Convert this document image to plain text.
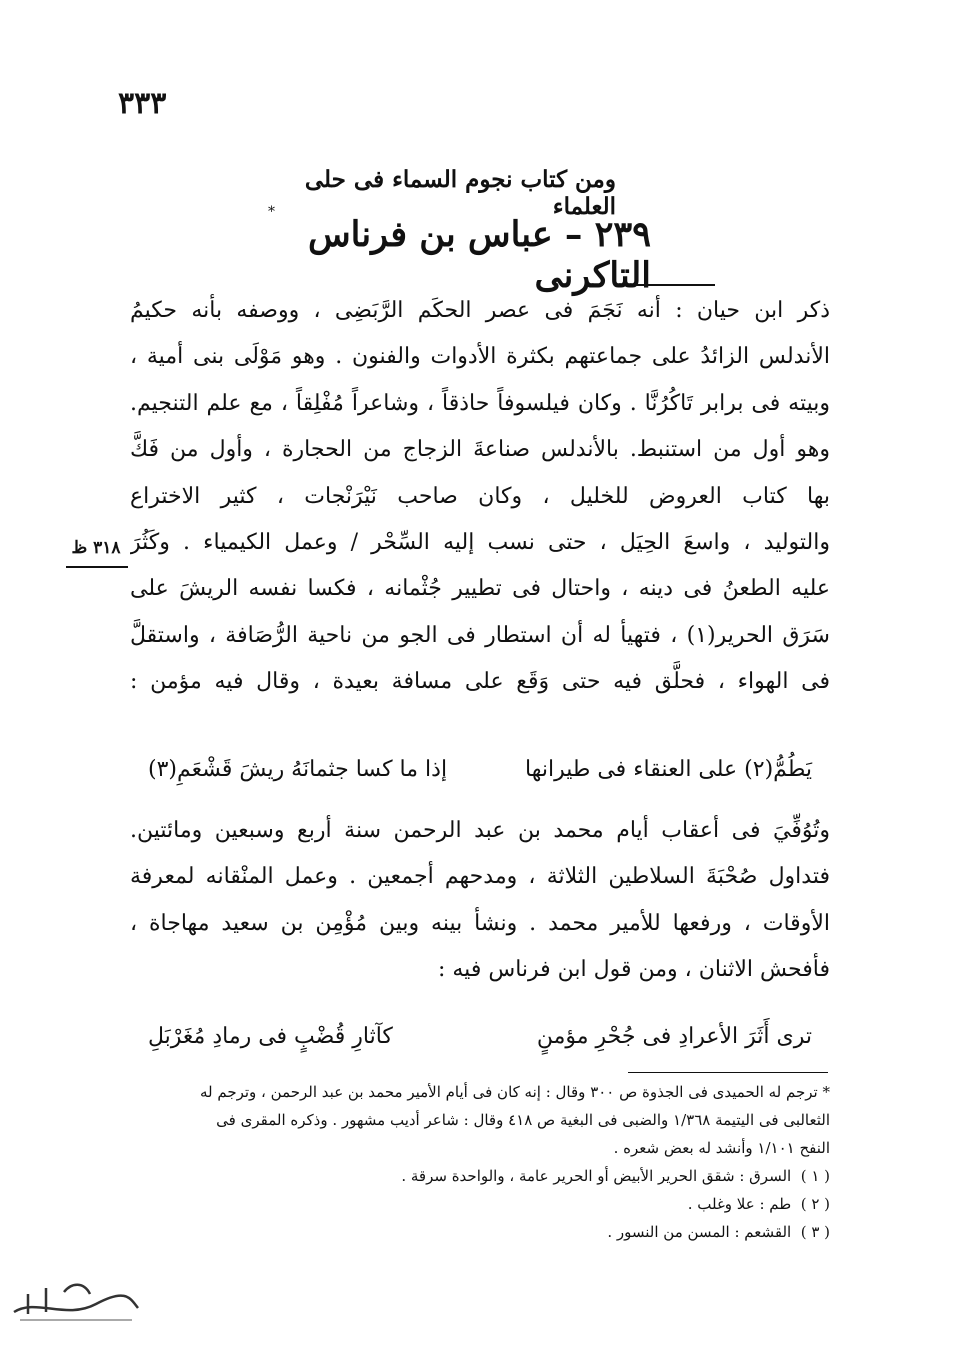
٣٣٣
ومن كتاب نجوم السماء فى حلى العلماء
*
٢٣٩ – عباس بن فرناس التاكرنى
٣١٨ ظ
ذكر ابن حيان : أنه نَجَمَ فى عصر الحكَم الرَّبَضِى ، ووصفه بأنه حكيمُ
الأندلس الزائدُ على جماعتهم بكثرة الأدوات والفنون . وهو مَوْلَى بنى أمية ،
وبيته فى برابر تَاكُرُنَّا . وكان فيلسوفاً حاذقاً ، وشاعراً مُفْلِقاً ، مع علم التنجيم.
وهو أول من استنبط. بالأندلس صناعةَ الزجاج من الحجارة ، وأول من فَكَّ
بها كتاب العروض للخليل ، وكان صاحب نَيْرَنْجات ، كثير الاختراع
والتوليد ، واسعَ الحِيَل ، حتى نسب إليه السِّحْر / وعمل الكيمياء . وكَثُرَ
عليه الطعنُ فى دينه ، واحتال فى تطيير جُثْمانه ، فكسا نفسه الريشَ على
سَرَق الحرير(١) ، فتهيأ له أن استطار فى الجو من ناحية الرُّصَافة ، واستقلَّ
فى الهواء ، فحلَّق فيه حتى وَقَع على مسافة بعيدة ، وقال فيه مؤمن :
يَطُمُّ(٢) على العنقاء فى طيرانها
إذا ما كسا جثمانَهُ ريشَ قَشْعَمِ(٣)
وتُوُفِّيَ فى أعقاب أيام محمد بن عبد الرحمن سنة أربع وسبعين ومائتين.
فتداول صُحْبَةَ السلاطين الثلاثة ، ومدحهم أجمعين . وعمل المنْقانه لمعرفة
الأوقات ، ورفعها للأمير محمد . ونشأ بينه وبين مُؤْمِن بن سعيد مهاجاة ،
فأفحش الاثنان ، ومن قول ابن فرناس فيه :
ترى أَثَرَ الأعرادِ فى جُحْرِ مؤمنٍ
كآثارِ قُضْبٍ فى رمادِ مُغَرْبَلِ
* ترجم له الحميدى فى الجذوة ص ٣٠٠ وقال : إنه كان فى أيام الأمير محمد بن عبد الرحمن ، وترجم له
الثعالبى فى اليتيمة ١/٣٦٨ والضبى فى البغية ص ٤١٨ وقال : شاعر أديب مشهور . وذكره المقرى فى
النفح ١/١٠١ وأنشد له بعض شعره .
( ١ ) السرق : شقق الحرير الأبيض أو الحرير عامة ، والواحدة سرقة .
( ٢ ) طم : علا وغلب .
( ٣ ) القشعم : المسن من النسور .
